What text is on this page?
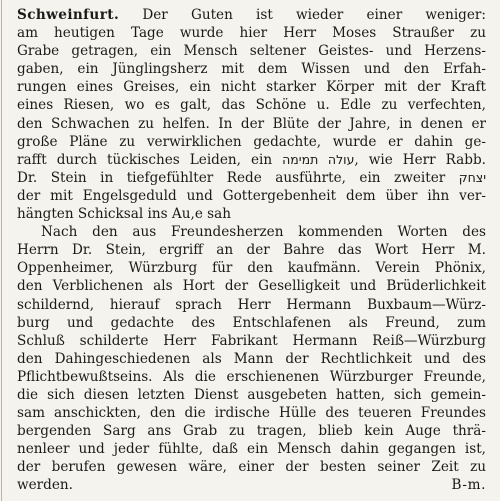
Schweinfurt. Der Guten ist wieder einer weniger:
am heutigen Tage wurde hier Herr Moses Straußer zu
Grabe getragen, ein Mensch seltener Geistes- und Herzens-
gaben, ein Jünglingsherz mit dem Wissen und den Erfah-
rungen eines Greises, ein nicht starker Körper mit der Kraft
eines Riesen, wo es galt, das Schöne u. Edle zu verfechten,
den Schwachen zu helfen. In der Blüte der Jahre, in denen er
große Pläne zu verwirklichen gedachte, wurde er dahin ge-
rafft durch tückisches Leiden, ein עולה תמימה, wie Herr Rabb.
Dr. Stein in tiefgefühlter Rede ausführte, ein zweiter יצחק
der mit Engelsgeduld und Gottergebenheit dem über ihn ver-
hängten Schicksal ins Au,e sah

Nach den aus Freundesherzen kommenden Worten des
Herrn Dr. Stein, ergriff an der Bahre das Wort Herr M.
Oppenheimer, Würzburg für den kaufmänn. Verein Phönix,
den Verblichenen als Hort der Geselligkeit und Brüderlichkeit
schildernd, hierauf sprach Herr Hermann Buxbaum—Würz-
burg und gedachte des Entschlafenen als Freund, zum
Schluß schilderte Herr Fabrikant Hermann Reiß—Würzburg
den Dahingeschiedenen als Mann der Rechtlichkeit und des
Pflichtbewußtseins. Als die erschienenen Würzburger Freunde,
die sich diesen letzten Dienst ausgebeten hatten, sich gemein-
sam anschickten, den die irdische Hülle des teueren Freundes
bergenden Sarg ans Grab zu tragen, blieb kein Auge thrä-
nenleer und jeder fühlte, daß ein Mensch dahin gegangen ist,
der berufen gewesen wäre, einer der besten seiner Zeit zu

werden.	B-m.
